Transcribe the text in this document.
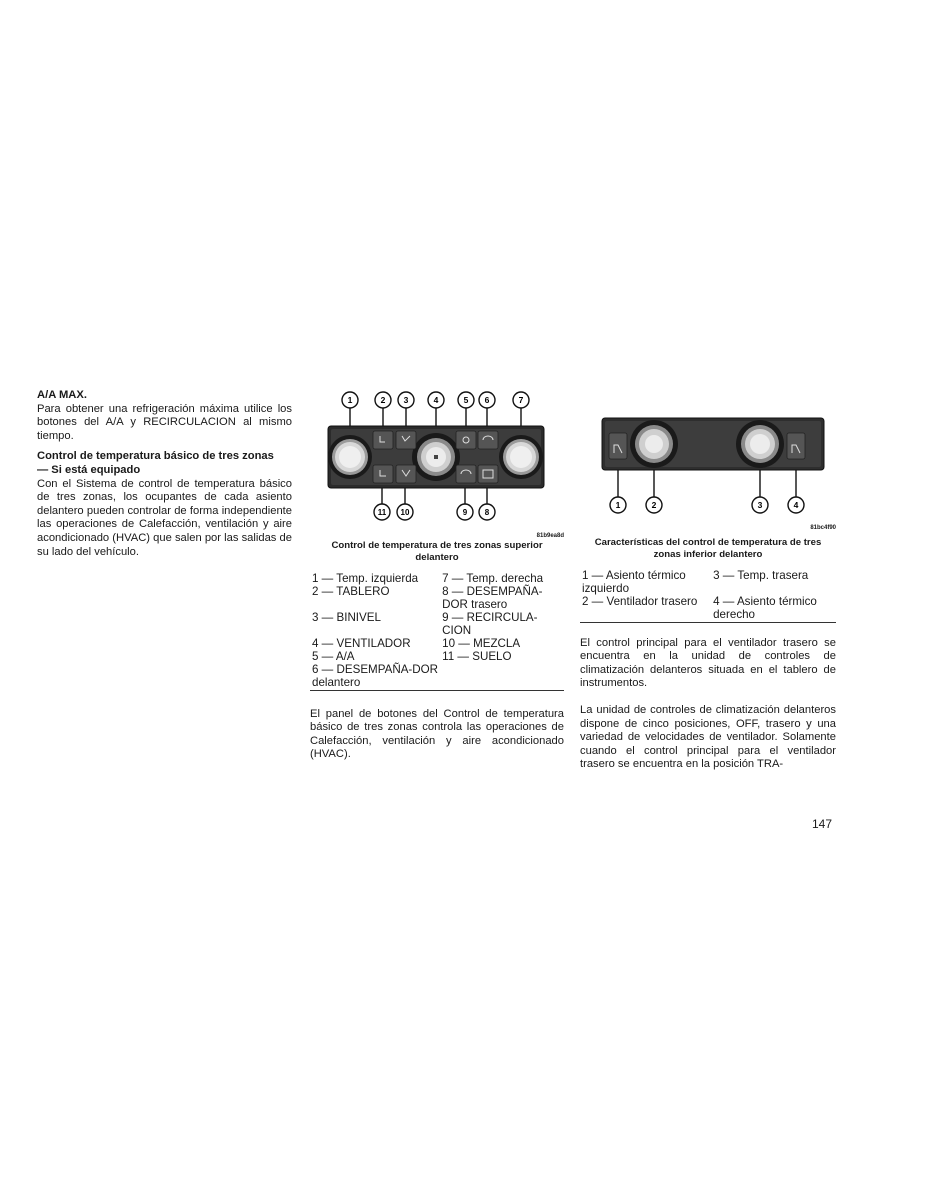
A/A MAX.

Para obtener una refrigeración máxima utilice los botones del A/A y RECIRCULACION al mismo tiempo.

Control de temperatura básico de tres zonas
— Si está equipado

Con el Sistema de control de temperatura básico de tres zonas, los ocupantes de cada asiento delantero pueden controlar de forma independiente las operaciones de Calefacción, ventilación y aire acondicionado (HVAC) que salen por las salidas de su lado del vehículo.

1	2 3	4	5 6	7
11 10	9 8
81b9ea8d

Control de temperatura de tres zonas superior delantero

1 — Temp. izquierda	7 — Temp. derecha
2 — TABLERO	8 — DESEMPAÑA-DOR trasero
3 — BINIVEL	9 — RECIRCULA-CION
4 — VENTILADOR	10 — MEZCLA
5 — A/A	11 — SUELO
6 — DESEMPAÑA-DOR delantero	

El panel de botones del Control de temperatura básico de tres zonas controla las operaciones de Calefacción, ventilación y aire acondicionado (HVAC).

1	2	3	4
81bc4f90

Características del control de temperatura de tres zonas inferior delantero

1 — Asiento térmico izquierdo	3 — Temp. trasera
2 — Ventilador trasero	4 — Asiento térmico derecho

El control principal para el ventilador trasero se encuentra en la unidad de controles de climatización delanteros situada en el tablero de instrumentos.

La unidad de controles de climatización delanteros dispone de cinco posiciones, OFF, trasero y una variedad de velocidades de ventilador. Solamente cuando el control principal para el ventilador trasero se encuentra en la posición TRA-

147
